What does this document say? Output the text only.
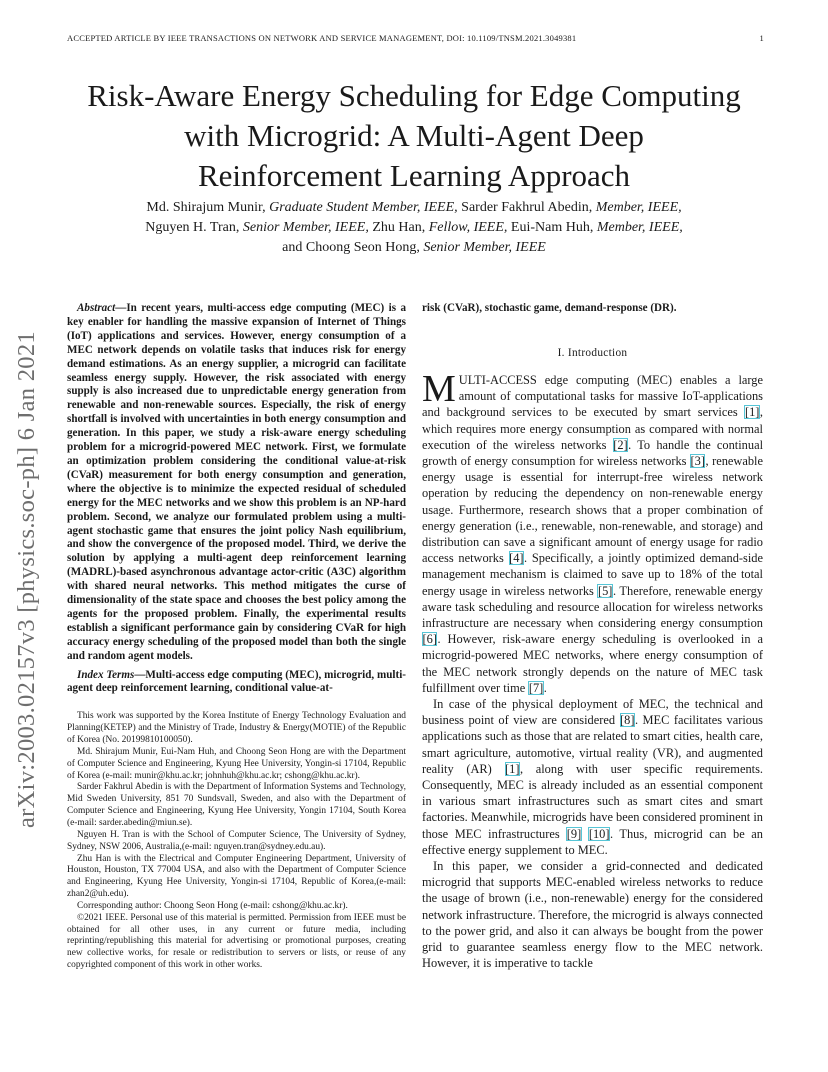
ACCEPTED ARTICLE BY IEEE TRANSACTIONS ON NETWORK AND SERVICE MANAGEMENT, DOI: 10.1109/TNSM.2021.3049381	1
arXiv:2003.02157v3 [physics.soc-ph] 6 Jan 2021
Risk-Aware Energy Scheduling for Edge Computing
with Microgrid: A Multi-Agent Deep
Reinforcement Learning Approach
Md. Shirajum Munir, Graduate Student Member, IEEE, Sarder Fakhrul Abedin, Member, IEEE,
Nguyen H. Tran, Senior Member, IEEE, Zhu Han, Fellow, IEEE, Eui-Nam Huh, Member, IEEE,
and Choong Seon Hong, Senior Member, IEEE

Abstract—In recent years, multi-access edge computing (MEC) is a key enabler for handling the massive expansion of Internet of Things (IoT) applications and services. However, energy consumption of a MEC network depends on volatile tasks that induces risk for energy demand estimations. As an energy supplier, a microgrid can facilitate seamless energy supply. However, the risk associated with energy supply is also increased due to unpredictable energy generation from renewable and non-renewable sources. Especially, the risk of energy shortfall is involved with uncertainties in both energy consumption and generation. In this paper, we study a risk-aware energy scheduling problem for a microgrid-powered MEC network. First, we formulate an optimization problem considering the conditional value-at-risk (CVaR) measurement for both energy consumption and generation, where the objective is to minimize the expected residual of scheduled energy for the MEC networks and we show this problem is an NP-hard problem. Second, we analyze our formulated problem using a multi-agent stochastic game that ensures the joint policy Nash equilibrium, and show the convergence of the proposed model. Third, we derive the solution by applying a multi-agent deep reinforcement learning (MADRL)-based asynchronous advantage actor-critic (A3C) algorithm with shared neural networks. This method mitigates the curse of dimensionality of the state space and chooses the best policy among the agents for the proposed problem. Finally, the experimental results establish a significant performance gain by considering CVaR for high accuracy energy scheduling of the proposed model than both the single and random agent models.

Index Terms—Multi-access edge computing (MEC), microgrid, multi-agent deep reinforcement learning, conditional value-at-

This work was supported by the Korea Institute of Energy Technology Evaluation and Planning(KETEP) and the Ministry of Trade, Industry & Energy(MOTIE) of the Republic of Korea (No. 20199810100050).

Md. Shirajum Munir, Eui-Nam Huh, and Choong Seon Hong are with the Department of Computer Science and Engineering, Kyung Hee University, Yongin-si 17104, Republic of Korea (e-mail: munir@khu.ac.kr; johnhuh@khu.ac.kr; cshong@khu.ac.kr).

Sarder Fakhrul Abedin is with the Department of Information Systems and Technology, Mid Sweden University, 851 70 Sundsvall, Sweden, and also with the Department of Computer Science and Engineering, Kyung Hee University, Yongin 17104, South Korea (e-mail: sarder.abedin@miun.se).

Nguyen H. Tran is with the School of Computer Science, The University of Sydney, Sydney, NSW 2006, Australia,(e-mail: nguyen.tran@sydney.edu.au).

Zhu Han is with the Electrical and Computer Engineering Department, University of Houston, Houston, TX 77004 USA, and also with the Department of Computer Science and Engineering, Kyung Hee University, Yongin-si 17104, Republic of Korea,(e-mail: zhan2@uh.edu).

Corresponding author: Choong Seon Hong (e-mail: cshong@khu.ac.kr).

©2021 IEEE. Personal use of this material is permitted. Permission from IEEE must be obtained for all other uses, in any current or future media, including reprinting/republishing this material for advertising or promotional purposes, creating new collective works, for resale or redistribution to servers or lists, or reuse of any copyrighted component of this work in other works.

risk (CVaR), stochastic game, demand-response (DR).

I. Introduction

MULTI-ACCESS edge computing (MEC) enables a large amount of computational tasks for massive IoT-applications and background services to be executed by smart services [1], which requires more energy consumption as compared with normal execution of the wireless networks [2]. To handle the continual growth of energy consumption for wireless networks [3], renewable energy usage is essential for interrupt-free wireless network operation by reducing the dependency on non-renewable energy usage. Furthermore, research shows that a proper combination of energy generation (i.e., renewable, non-renewable, and storage) and distribution can save a significant amount of energy usage for radio access networks [4]. Specifically, a jointly optimized demand-side management mechanism is claimed to save up to 18% of the total energy usage in wireless networks [5]. Therefore, renewable energy aware task scheduling and resource allocation for wireless networks infrastructure are necessary when considering energy consumption [6]. However, risk-aware energy scheduling is overlooked in a microgrid-powered MEC networks, where energy consumption of the MEC network strongly depends on the nature of MEC task fulfillment over time [7].

In case of the physical deployment of MEC, the technical and business point of view are considered [8]. MEC facilitates various applications such as those that are related to smart cities, health care, smart agriculture, automotive, virtual reality (VR), and augmented reality (AR) [1], along with user specific requirements. Consequently, MEC is already included as an essential component in various smart infrastructures such as smart cites and smart factories. Meanwhile, microgrids have been considered prominent in those MEC infrastructures [9] [10]. Thus, microgrid can be an effective energy supplement to MEC.

In this paper, we consider a grid-connected and dedicated microgrid that supports MEC-enabled wireless networks to reduce the usage of brown (i.e., non-renewable) energy for the considered network infrastructure. Therefore, the microgrid is always connected to the power grid, and also it can always be bought from the power grid to guarantee seamless energy flow to the MEC network. However, it is imperative to tackle
